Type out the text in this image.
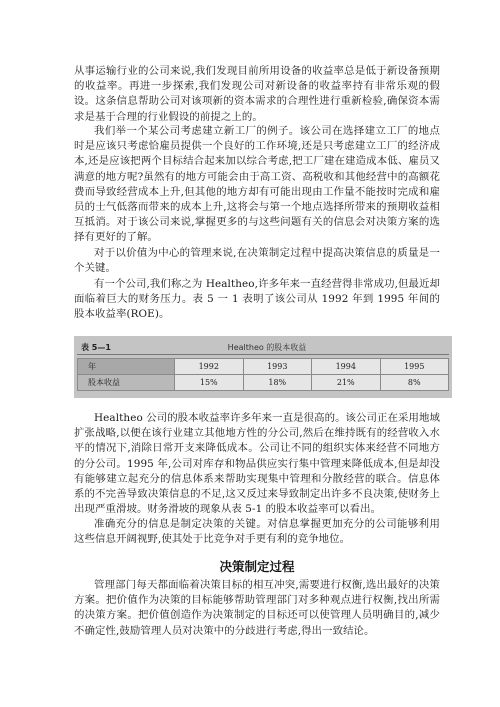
从事运输行业的公司来说,我们发现目前所用设备的收益率总是低于新设备预期的收益率。再进一步探索,我们发现公司对新设备的收益率持有非常乐观的假设。这条信息帮助公司对该项新的资本需求的合理性进行重新检验,确保资本需求是基于合理的行业假设的前提之上的。

我们举一个某公司考虑建立新工厂的例子。该公司在选择建立工厂的地点时是应该只考虑恰雇员提供一个良好的工作环境,还是只考虑建立工厂的经济成本,还是应该把两个目标结合起来加以综合考虑,把工厂建在建造成本低、雇员又满意的地方呢?虽然有的地方可能会由于高工资、高税收和其他经营中的高额花费而导致经营成本上升,但其他的地方却有可能出现由工作量不能按时完成和雇员的士气低落而带来的成本上升,这将会与第一个地点选择所带来的预期收益相互抵消。对于该公司来说,掌握更多的与这些问题有关的信息会对决策方案的选择有更好的了解。

对于以价值为中心的管理来说,在决策制定过程中提高决策信息的质量是一个关键。

有一个公司,我们称之为 Healtheo,许多年来一直经营得非常成功,但最近却面临着巨大的财务压力。表 5 一 1 表明了该公司从 1992 年到 1995 年间的股本收益率(ROE)。

表 5—1	Healtheo 的股本收益
年	1992	1993	1994	1995
股本收益	15%	18%	21%	8%

Healtheo 公司的股本收益率许多年来一直是很高的。该公司正在采用地域扩张战略,以便在该行业建立其他地方性的分公司,然后在维持既有的经营收入水平的情况下,消除日常开支来降低成本。公司让不同的组织实体来经营不同地方的分公司。1995 年,公司对库存和物品供应实行集中管理来降低成本,但是却没有能够建立起充分的信息体系来帮助实现集中管理和分散经营的联合。信息体系的不完善导致决策信息的不足,这又反过来导致制定出许多不良决策,使财务上出现严重滑坡。财务滑坡的现象从表 5-1 的股本收益率可以看出。

准确充分的信息是制定决策的关键。对信息掌握更加充分的公司能够利用这些信息开阔视野,使其处于比竞争对手更有利的竞争地位。

决策制定过程

管理部门每天都面临着决策目标的相互冲突,需要进行权衡,选出最好的决策方案。把价值作为决策的目标能够帮助管理部门对多种观点进行权衡,找出所需的决策方案。把价值创造作为决策制定的目标还可以使管理人员明确目的,减少不确定性,鼓励管理人员对决策中的分歧进行考虑,得出一致结论。
